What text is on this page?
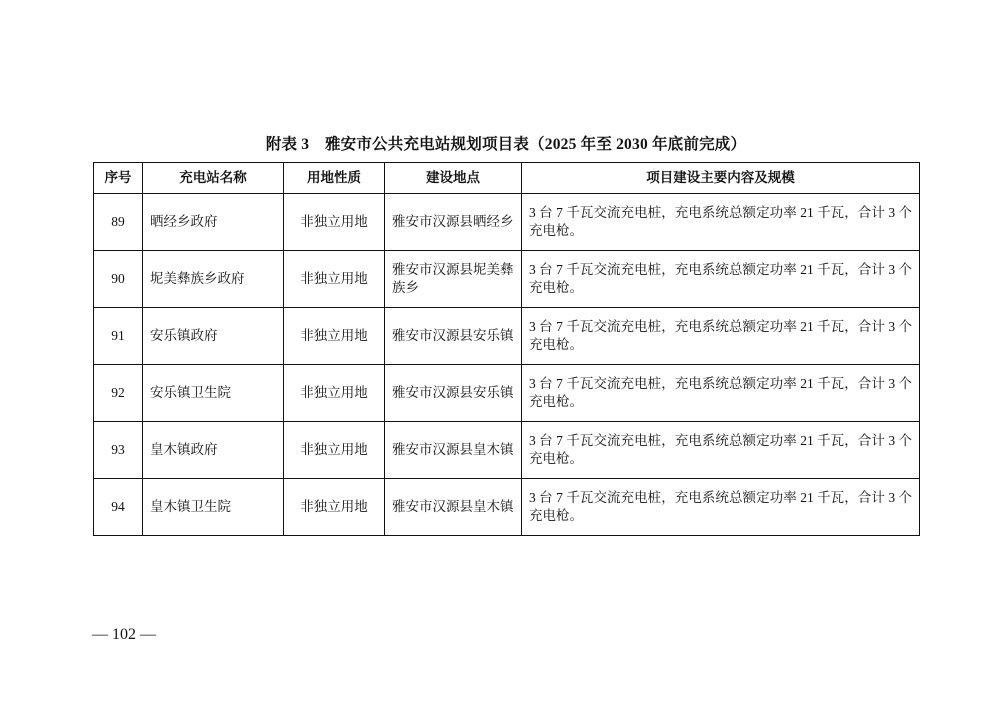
附表 3　雅安市公共充电站规划项目表（2025 年至 2030 年底前完成）
序号	充电站名称	用地性质	建设地点	项目建设主要内容及规模
89	晒经乡政府	非独立用地	雅安市汉源县晒经乡	3 台 7 千瓦交流充电桩，充电系统总额定功率 21 千瓦，合计 3 个充电枪。
90	坭美彝族乡政府	非独立用地	雅安市汉源县坭美彝族乡	3 台 7 千瓦交流充电桩，充电系统总额定功率 21 千瓦，合计 3 个充电枪。
91	安乐镇政府	非独立用地	雅安市汉源县安乐镇	3 台 7 千瓦交流充电桩，充电系统总额定功率 21 千瓦，合计 3 个充电枪。
92	安乐镇卫生院	非独立用地	雅安市汉源县安乐镇	3 台 7 千瓦交流充电桩，充电系统总额定功率 21 千瓦，合计 3 个充电枪。
93	皇木镇政府	非独立用地	雅安市汉源县皇木镇	3 台 7 千瓦交流充电桩，充电系统总额定功率 21 千瓦，合计 3 个充电枪。
94	皇木镇卫生院	非独立用地	雅安市汉源县皇木镇	3 台 7 千瓦交流充电桩，充电系统总额定功率 21 千瓦，合计 3 个充电枪。
— 102 —
